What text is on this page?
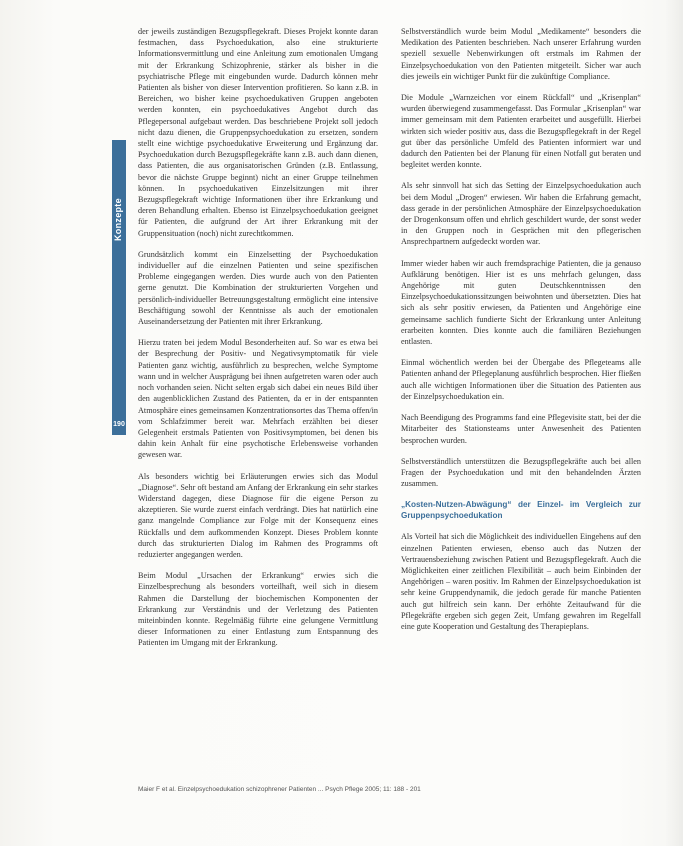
Konzepte
190

der jeweils zuständigen Bezugspflegekraft. Dieses Projekt konnte daran festmachen, dass Psychoedukation, also eine strukturierte Informationsvermittlung und eine Anleitung zum emotionalen Umgang mit der Erkrankung Schizophrenie, stärker als bisher in die psychiatrische Pflege mit eingebunden wurde. Dadurch können mehr Patienten als bisher von dieser Intervention profitieren. So kann z.B. in Bereichen, wo bisher keine psychoedukativen Gruppen angeboten werden konnten, ein psychoedukatives Angebot durch das Pflegepersonal aufgebaut werden. Das beschriebene Projekt soll jedoch nicht dazu dienen, die Gruppenpsychoedukation zu ersetzen, sondern stellt eine wichtige psychoedukative Erweiterung und Ergänzung dar. Psychoedukation durch Bezugspflegekräfte kann z.B. auch dann dienen, dass Patienten, die aus organisatorischen Gründen (z.B. Entlassung, bevor die nächste Gruppe beginnt) nicht an einer Gruppe teilnehmen können. In psychoedukativen Einzelsitzungen mit ihrer Bezugspflegekraft wichtige Informationen über ihre Erkrankung und deren Behandlung erhalten. Ebenso ist Einzelpsychoedukation geeignet für Patienten, die aufgrund der Art ihrer Erkrankung mit der Gruppensituation (noch) nicht zurechtkommen.

Grundsätzlich kommt ein Einzelsetting der Psychoedukation individueller auf die einzelnen Patienten und seine spezifischen Probleme eingegangen werden. Dies wurde auch von den Patienten gerne genutzt. Die Kombination der strukturierten Vorgehen und persönlich-individueller Betreuungsgestaltung ermöglicht eine intensive Beschäftigung sowohl der Kenntnisse als auch der emotionalen Auseinandersetzung der Patienten mit ihrer Erkrankung.

Hierzu traten bei jedem Modul Besonderheiten auf. So war es etwa bei der Besprechung der Positiv- und Negativsymptomatik für viele Patienten ganz wichtig, ausführlich zu besprechen, welche Symptome wann und in welcher Ausprägung bei ihnen aufgetreten waren oder auch noch vorhanden seien. Nicht selten ergab sich dabei ein neues Bild über den augenblicklichen Zustand des Patienten, da er in der entspannten Atmosphäre eines gemeinsamen Konzentrationsortes das Thema offen/in vom Schlafzimmer bereit war. Mehrfach erzählten bei dieser Gelegenheit erstmals Patienten von Positivsymptomen, bei denen bis dahin kein Anhalt für eine psychotische Erlebensweise vorhanden gewesen war.

Als besonders wichtig bei Erläuterungen erwies sich das Modul „Diagnose“. Sehr oft bestand am Anfang der Erkrankung ein sehr starkes Widerstand dagegen, diese Diagnose für die eigene Person zu akzeptieren. Sie wurde zuerst einfach verdrängt. Dies hat natürlich eine ganz mangelnde Compliance zur Folge mit der Konsequenz eines Rückfalls und dem aufkommenden Konzept. Dieses Problem konnte durch das strukturierten Dialog im Rahmen des Programms oft reduzierter angegangen werden.

Beim Modul „Ursachen der Erkrankung“ erwies sich die Einzelbesprechung als besonders vorteilhaft, weil sich in diesem Rahmen die Darstellung der biochemischen Komponenten der Erkrankung zur Verständnis und der Verletzung des Patienten miteinbinden konnte. Regelmäßig führte eine gelungene Vermittlung dieser Informationen zu einer Entlastung zum Entspannung des Patienten im Umgang mit der Erkrankung.

Selbstverständlich wurde beim Modul „Medikamente“ besonders die Medikation des Patienten beschrieben. Nach unserer Erfahrung wurden speziell sexuelle Nebenwirkungen oft erstmals im Rahmen der Einzelpsychoedukation von den Patienten mitgeteilt. Sicher war auch dies jeweils ein wichtiger Punkt für die zukünftige Compliance.

Die Module „Warnzeichen vor einem Rückfall“ und „Krisenplan“ wurden überwiegend zusammengefasst. Das Formular „Krisenplan“ war immer gemeinsam mit dem Patienten erarbeitet und ausgefüllt. Hierbei wirkten sich wieder positiv aus, dass die Bezugspflegekraft in der Regel gut über das persönliche Umfeld des Patienten informiert war und dadurch den Patienten bei der Planung für einen Notfall gut beraten und begleitet werden konnte.

Als sehr sinnvoll hat sich das Setting der Einzelpsychoedukation auch bei dem Modul „Drogen“ erwiesen. Wir haben die Erfahrung gemacht, dass gerade in der persönlichen Atmosphäre der Einzelpsychoedukation der Drogenkonsum offen und ehrlich geschildert wurde, der sonst weder in den Gruppen noch in Gesprächen mit den pflegerischen Ansprechpartnern aufgedeckt worden war.

Immer wieder haben wir auch fremdsprachige Patienten, die ja genauso Aufklärung benötigen. Hier ist es uns mehrfach gelungen, dass Angehörige mit guten Deutschkenntnissen den Einzelpsychoedukationssitzungen beiwohnten und übersetzten. Dies hat sich als sehr positiv erwiesen, da Patienten und Angehörige eine gemeinsame sachlich fundierte Sicht der Erkrankung unter Anleitung erarbeiten konnten. Dies konnte auch die familiären Beziehungen entlasten.

Einmal wöchentlich werden bei der Übergabe des Pflegeteams alle Patienten anhand der Pflegeplanung ausführlich besprochen. Hier fließen auch alle wichtigen Informationen über die Situation des Patienten aus der Einzelpsychoedukation ein.

Nach Beendigung des Programms fand eine Pflegevisite statt, bei der die Mitarbeiter des Stationsteams unter Anwesenheit des Patienten besprochen wurden.

Selbstverständlich unterstützen die Bezugspflegekräfte auch bei allen Fragen der Psychoedukation und mit den behandelnden Ärzten zusammen.

„Kosten-Nutzen-Abwägung“ der Einzel- im Vergleich zur Gruppenpsychoedukation

Als Vorteil hat sich die Möglichkeit des individuellen Eingehens auf den einzelnen Patienten erwiesen, ebenso auch das Nutzen der Vertrauensbeziehung zwischen Patient und Bezugspflegekraft. Auch die Möglichkeiten einer zeitlichen Flexibilität – auch beim Einbinden der Angehörigen – waren positiv. Im Rahmen der Einzelpsychoedukation ist sehr keine Gruppendynamik, die jedoch gerade für manche Patienten auch gut hilfreich sein kann. Der erhöhte Zeitaufwand für die Pflegekräfte ergeben sich gegen Zeit, Umfang gewahren im Regelfall eine gute Kooperation und Gestaltung des Therapieplans.

Maier F et al. Einzelpsychoedukation schizophrener Patienten ... Psych Pflege 2005; 11: 188 - 201
